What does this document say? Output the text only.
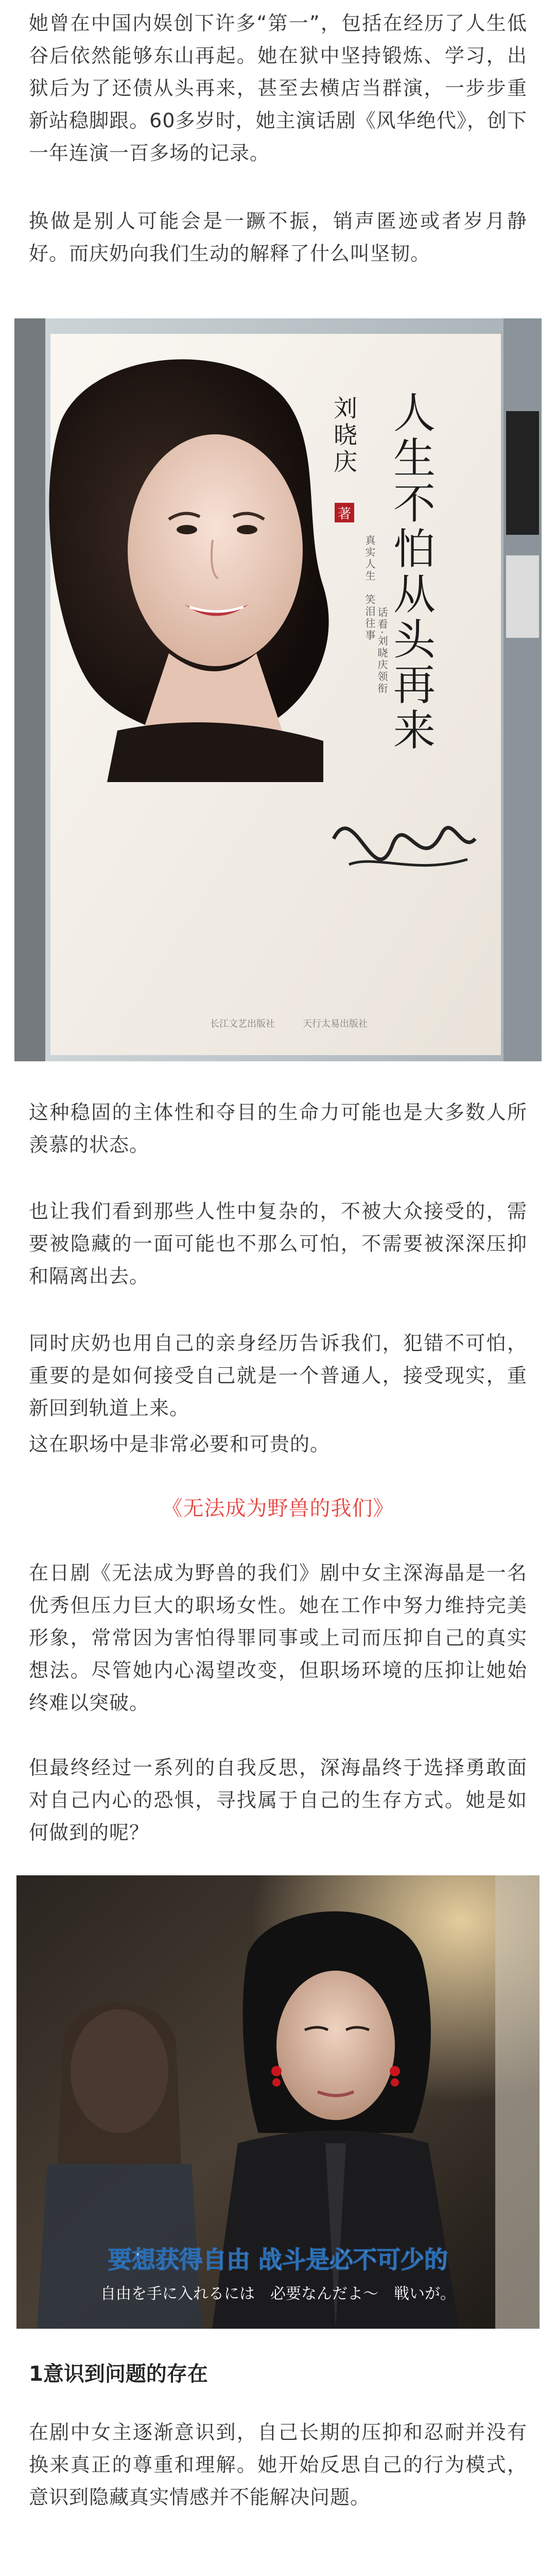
她曾在中国内娱创下许多“第一”，包括在经历了人生低谷后依然能够东山再起。她在狱中坚持锻炼、学习，出狱后为了还债从头再来，甚至去横店当群演，一步步重新站稳脚跟。60多岁时，她主演话剧《风华绝代》，创下一年连演一百多场的记录。

换做是别人可能会是一蹶不振，销声匿迹或者岁月静好。而庆奶向我们生动的解释了什么叫坚韧。

人生不怕从头再来
刘晓庆
著
真实人生　笑泪往事
话看·刘晓庆领衔
长江文艺出版社	天行太易出版社

这种稳固的主体性和夺目的生命力可能也是大多数人所羡慕的状态。

也让我们看到那些人性中复杂的，不被大众接受的，需要被隐藏的一面可能也不那么可怕，不需要被深深压抑和隔离出去。

同时庆奶也用自己的亲身经历告诉我们，犯错不可怕，重要的是如何接受自己就是一个普通人，接受现实，重新回到轨道上来。

这在职场中是非常必要和可贵的。

《无法成为野兽的我们》

在日剧《无法成为野兽的我们》剧中女主深海晶是一名优秀但压力巨大的职场女性。她在工作中努力维持完美形象，常常因为害怕得罪同事或上司而压抑自己的真实想法。尽管她内心渴望改变，但职场环境的压抑让她始终难以突破。

但最终经过一系列的自我反思，深海晶终于选择勇敢面对自己内心的恐惧，寻找属于自己的生存方式。她是如何做到的呢？

要想获得自由 战斗是必不可少的
自由を手に入れるには　必要なんだよ～　戦いが。

1意识到问题的存在

在剧中女主逐渐意识到，自己长期的压抑和忍耐并没有换来真正的尊重和理解。她开始反思自己的行为模式，意识到隐藏真实情感并不能解决问题。
